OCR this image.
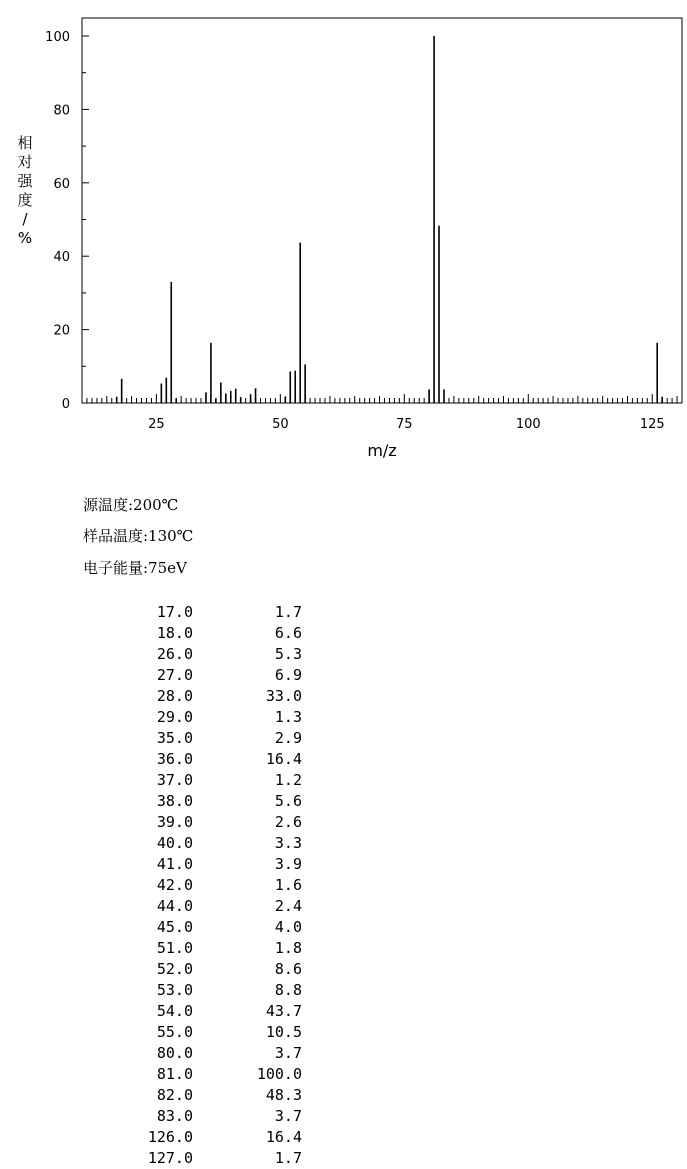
0
20
40
60
80
100
25	50	75	100	125
m/z
相对强度/ %
源温度:200℃
样品温度:130℃
电子能量:75eV
17.0	1.7
18.0	6.6
26.0	5.3
27.0	6.9
28.0	33.0
29.0	1.3
35.0	2.9
36.0	16.4
37.0	1.2
38.0	5.6
39.0	2.6
40.0	3.3
41.0	3.9
42.0	1.6
44.0	2.4
45.0	4.0
51.0	1.8
52.0	8.6
53.0	8.8
54.0	43.7
55.0	10.5
80.0	3.7
81.0	100.0
82.0	48.3
83.0	3.7
126.0	16.4
127.0	1.7
